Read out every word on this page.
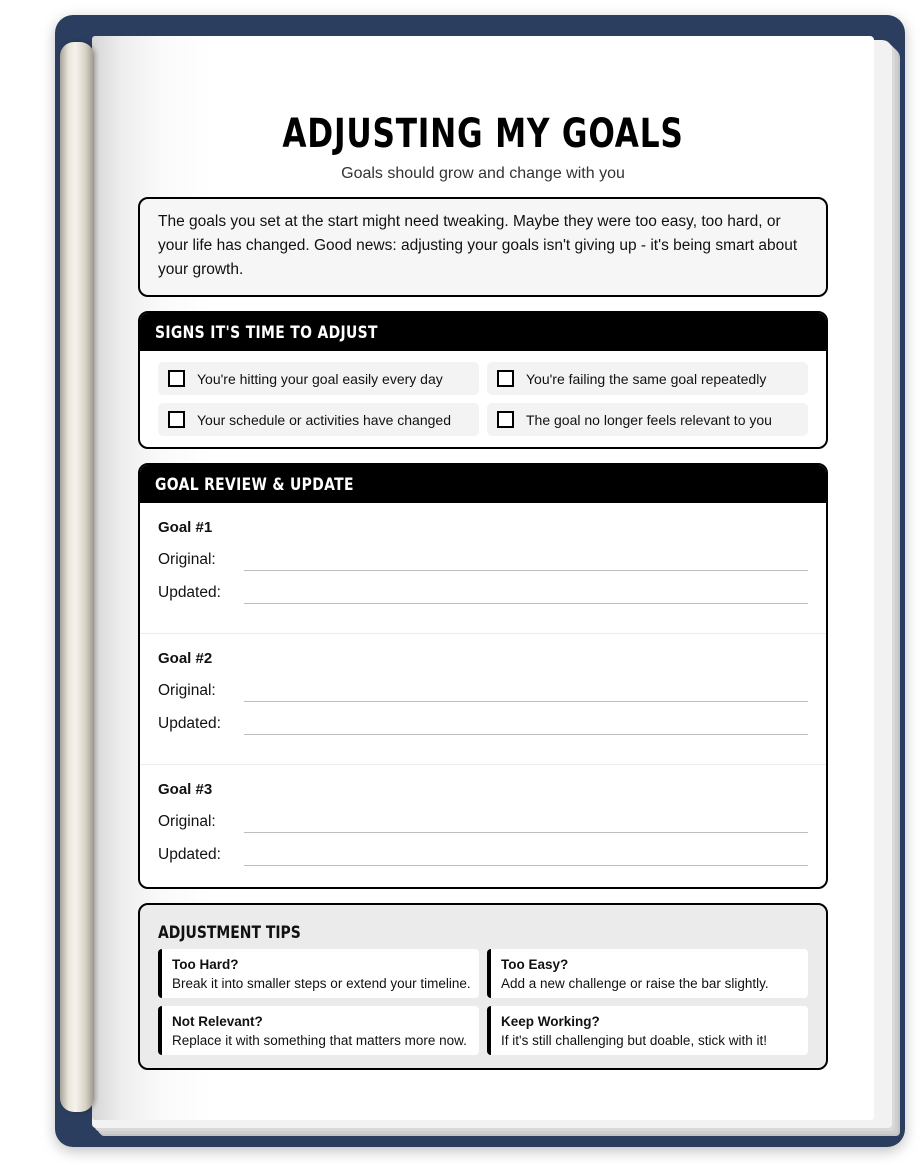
ADJUSTING MY GOALS
Goals should grow and change with you
The goals you set at the start might need tweaking. Maybe they were too easy, too hard, or your life has changed. Good news: adjusting your goals isn't giving up - it's being smart about your growth.
SIGNS IT'S TIME TO ADJUST
You're hitting your goal easily every day	You're failing the same goal repeatedly
Your schedule or activities have changed	The goal no longer feels relevant to you
GOAL REVIEW & UPDATE
Goal #1
Original:
Updated:
Goal #2
Original:
Updated:
Goal #3
Original:
Updated:
ADJUSTMENT TIPS
Too Hard?
Break it into smaller steps or extend your timeline.
Too Easy?
Add a new challenge or raise the bar slightly.
Not Relevant?
Replace it with something that matters more now.
Keep Working?
If it's still challenging but doable, stick with it!
